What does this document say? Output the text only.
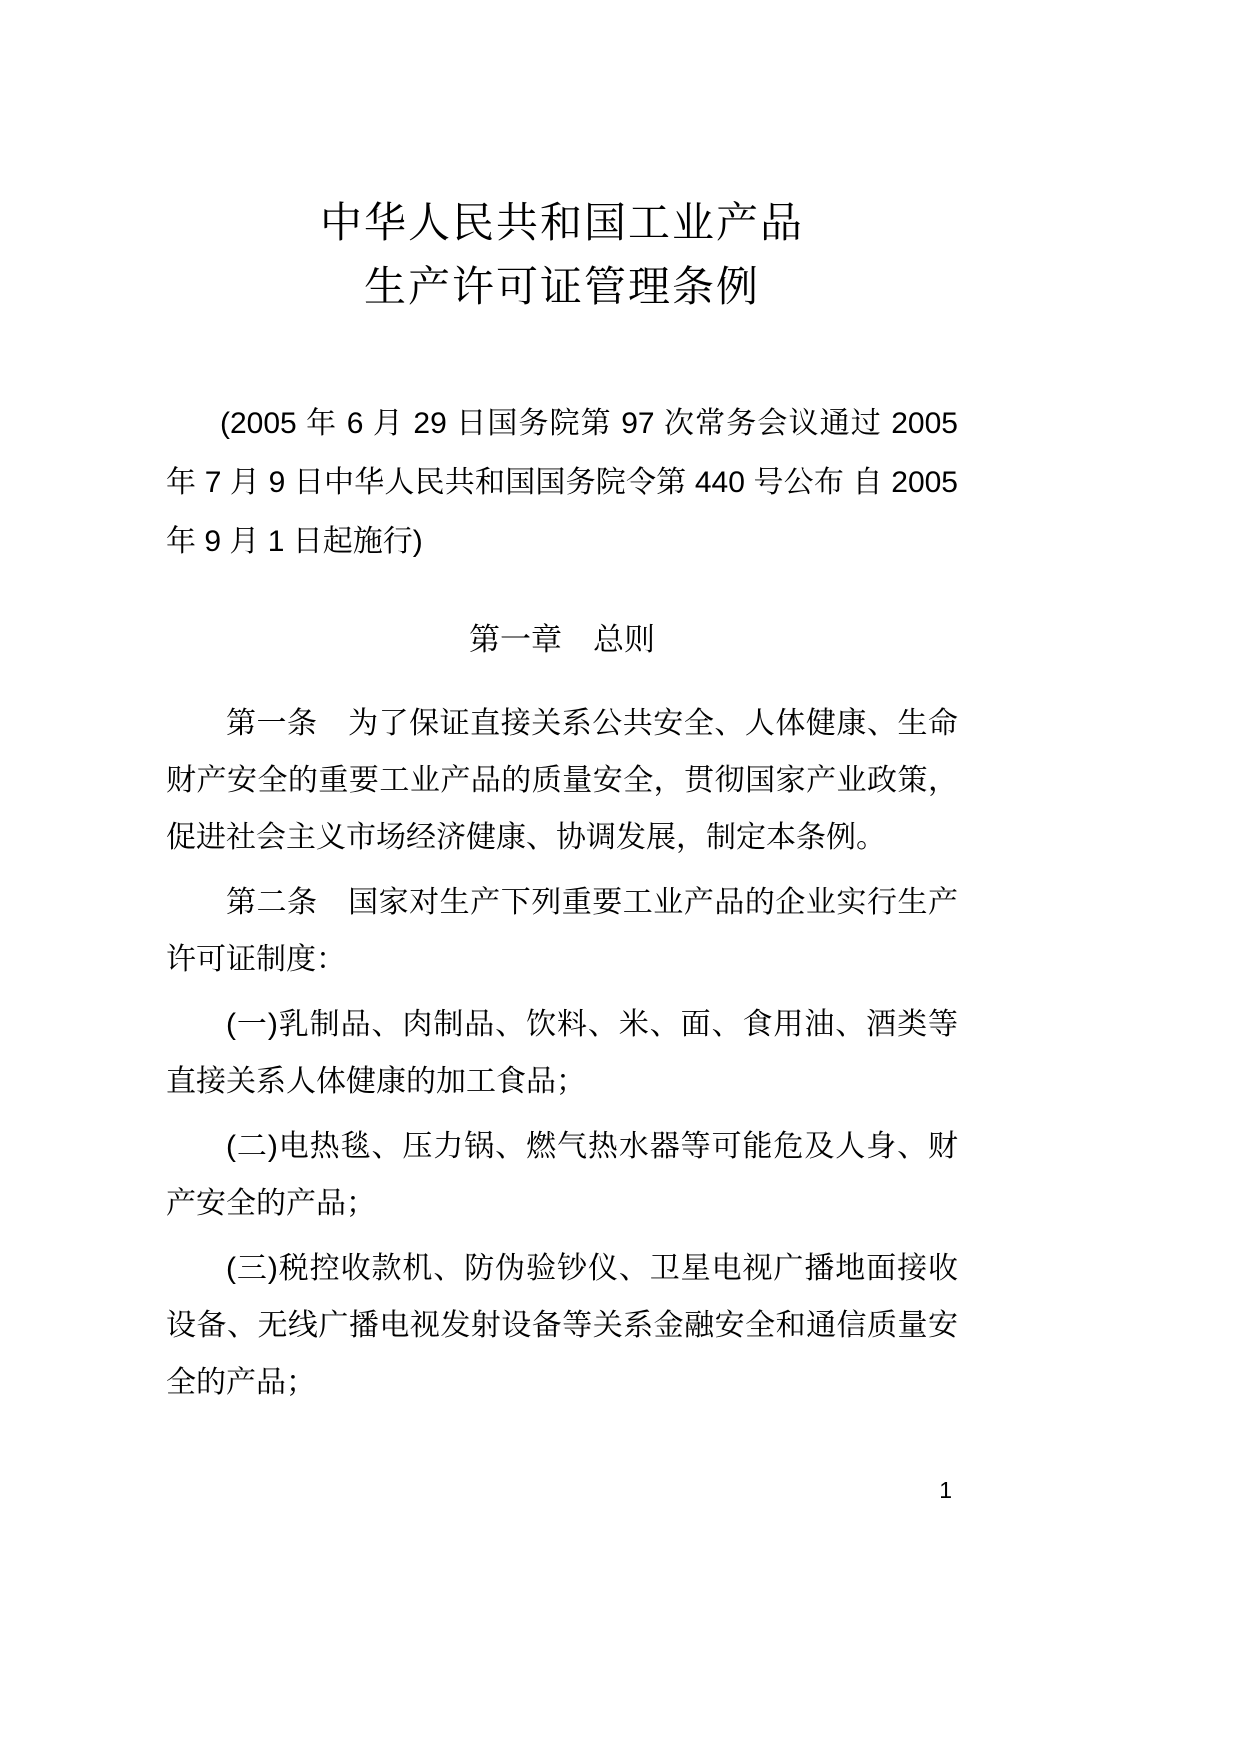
中华人民共和国工业产品
生产许可证管理条例

(2005 年 6 月 29 日国务院第 97 次常务会议通过 2005 年 7 月 9 日中华人民共和国国务院令第 440 号公布 自 2005 年 9 月 1 日起施行)

第一章　总则

第一条　为了保证直接关系公共安全、人体健康、生命财产安全的重要工业产品的质量安全，贯彻国家产业政策，促进社会主义市场经济健康、协调发展，制定本条例。

第二条　国家对生产下列重要工业产品的企业实行生产许可证制度：

(一)乳制品、肉制品、饮料、米、面、食用油、酒类等直接关系人体健康的加工食品；

(二)电热毯、压力锅、燃气热水器等可能危及人身、财产安全的产品；

(三)税控收款机、防伪验钞仪、卫星电视广播地面接收设备、无线广播电视发射设备等关系金融安全和通信质量安全的产品；

1
